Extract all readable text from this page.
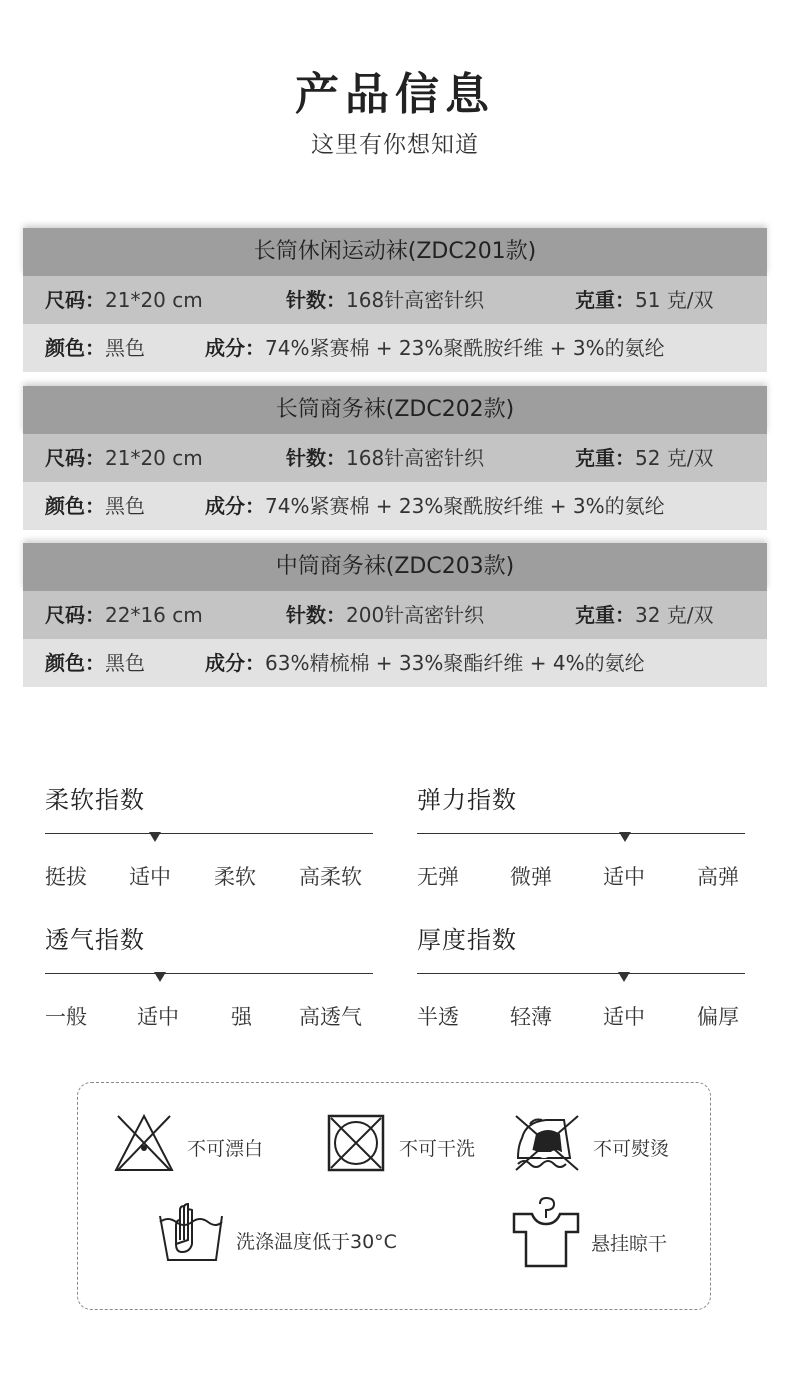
产品信息
这里有你想知道
长筒休闲运动袜(ZDC201款)
尺码：21*20 cm	针数：168针高密针织	克重：51 克/双
颜色：黑色	成分：74%紧赛棉 + 23%聚酰胺纤维 + 3%的氨纶
长筒商务袜(ZDC202款)
尺码：21*20 cm	针数：168针高密针织	克重：52 克/双
颜色：黑色	成分：74%紧赛棉 + 23%聚酰胺纤维 + 3%的氨纶
中筒商务袜(ZDC203款)
尺码：22*16 cm	针数：200针高密针织	克重：32 克/双
颜色：黑色	成分：63%精梳棉 + 33%聚酯纤维 + 4%的氨纶
柔软指数
挺拔 适中 柔软 高柔软
弹力指数
无弹 微弹 适中 高弹
透气指数
一般 适中 强 高透气
厚度指数
半透 轻薄 适中 偏厚
不可漂白	不可干洗	不可熨烫
洗涤温度低于30°C	悬挂晾干
